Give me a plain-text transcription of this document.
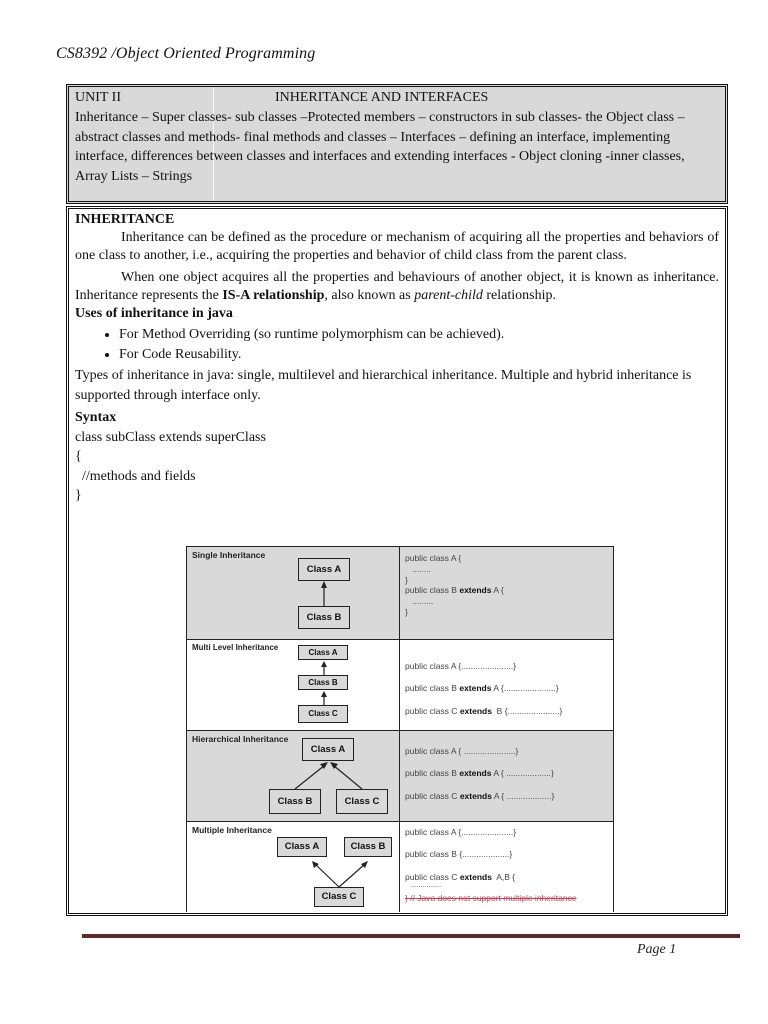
CS8392 /Object Oriented Programming
UNIT II	INHERITANCE AND INTERFACES
Inheritance – Super classes- sub classes –Protected members – constructors in sub classes- the Object class – abstract classes and methods- final methods and classes – Interfaces – defining an interface, implementing interface, differences between classes and interfaces and extending interfaces - Object cloning -inner classes, Array Lists – Strings
INHERITANCE

Inheritance can be defined as the procedure or mechanism of acquiring all the properties and behaviors of one class to another, i.e., acquiring the properties and behavior of child class from the parent class.

When one object acquires all the properties and behaviours of another object, it is known as inheritance. Inheritance represents the IS-A relationship, also known as parent-child relationship.

Uses of inheritance in java
• For Method Overriding (so runtime polymorphism can be achieved).
• For Code Reusability.

Types of inheritance in java: single, multilevel and hierarchical inheritance. Multiple and hybrid inheritance is supported through interface only.

Syntax
class subClass extends superClass
{
//methods and fields
}
Single Inheritance
Class A
Class B
public class A {
........
}
public class B extends A {
.........
}
Multi Level Inheritance
Class A
Class B
Class C
public class A {......................}
public class B extends A {......................}
public class C extends  B {......................}
Hierarchical Inheritance
Class A
Class B	Class C
public class A { ......................}
public class B extends A { ...................}
public class C extends A { ...................}
Multiple Inheritance
Class A	Class B
Class C
public class A {......................}
public class B {....................}
public class C extends  A,B {
................
} // Java does not support multiple inheritance
Page 1
